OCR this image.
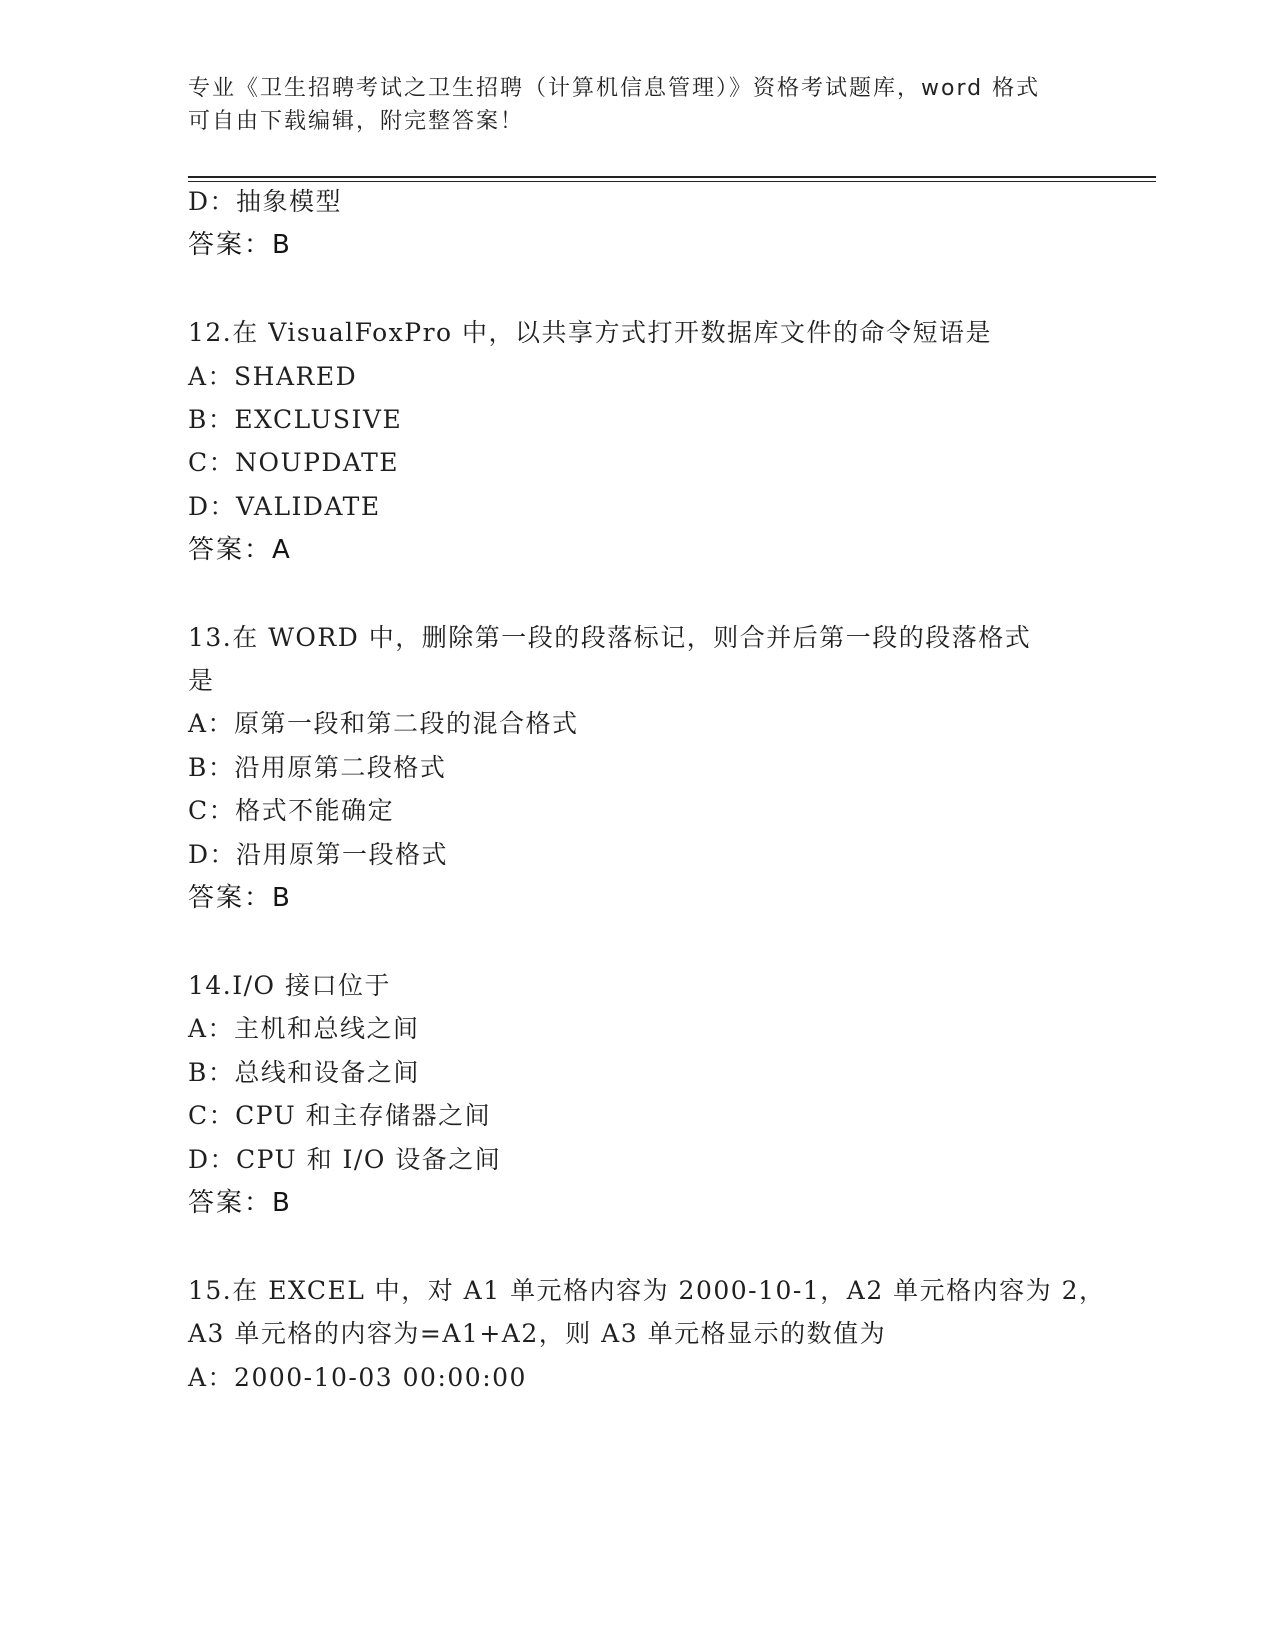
专业《卫生招聘考试之卫生招聘（计算机信息管理）》资格考试题库，word 格式
可自由下载编辑，附完整答案！
D：抽象模型
答案：B
12.在 VisualFoxPro 中，以共享方式打开数据库文件的命令短语是
A：SHARED
B：EXCLUSIVE
C：NOUPDATE
D：VALIDATE
答案：A
13.在 WORD 中，删除第一段的段落标记，则合并后第一段的段落格式
是
A：原第一段和第二段的混合格式
B：沿用原第二段格式
C：格式不能确定
D：沿用原第一段格式
答案：B
14.I/O 接口位于
A：主机和总线之间
B：总线和设备之间
C：CPU 和主存储器之间
D：CPU 和 I/O 设备之间
答案：B
15.在 EXCEL 中，对 A1 单元格内容为 2000-10-1，A2 单元格内容为 2，
A3 单元格的内容为=A1+A2，则 A3 单元格显示的数值为
A：2000-10-03 00:00:00
